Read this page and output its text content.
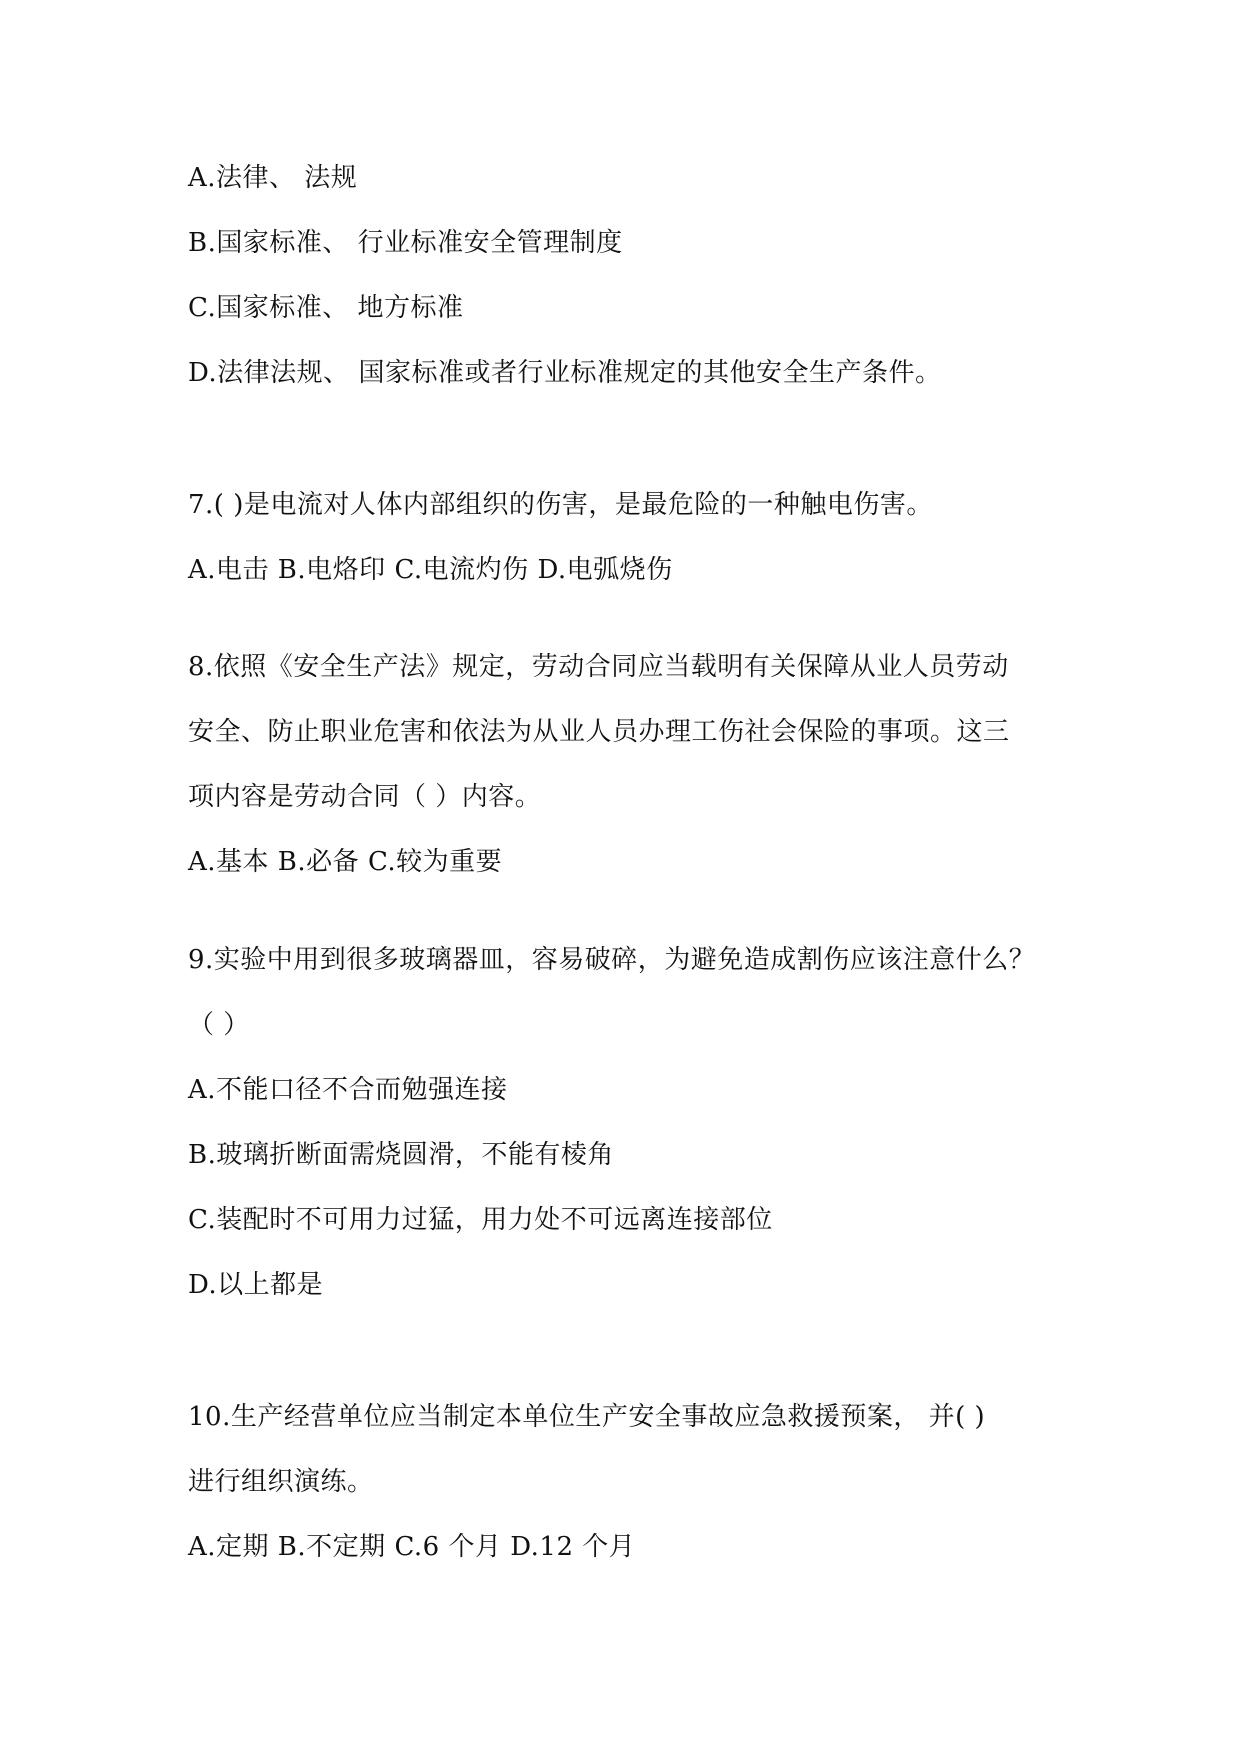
A.法律、 法规
B.国家标准、 行业标准安全管理制度
C.国家标准、 地方标准
D.法律法规、 国家标准或者行业标准规定的其他安全生产条件。
7.( )是电流对人体内部组织的伤害，是最危险的一种触电伤害。
A.电击 B.电烙印 C.电流灼伤 D.电弧烧伤
8.依照《安全生产法》规定，劳动合同应当载明有关保障从业人员劳动
安全、防止职业危害和依法为从业人员办理工伤社会保险的事项。这三
项内容是劳动合同（ ）内容。
A.基本 B.必备 C.较为重要
9.实验中用到很多玻璃器皿，容易破碎，为避免造成割伤应该注意什么？
（ ）
A.不能口径不合而勉强连接
B.玻璃折断面需烧圆滑，不能有棱角
C.装配时不可用力过猛，用力处不可远离连接部位
D.以上都是
10.生产经营单位应当制定本单位生产安全事故应急救援预案， 并( )
进行组织演练。
A.定期 B.不定期 C.6 个月 D.12 个月
